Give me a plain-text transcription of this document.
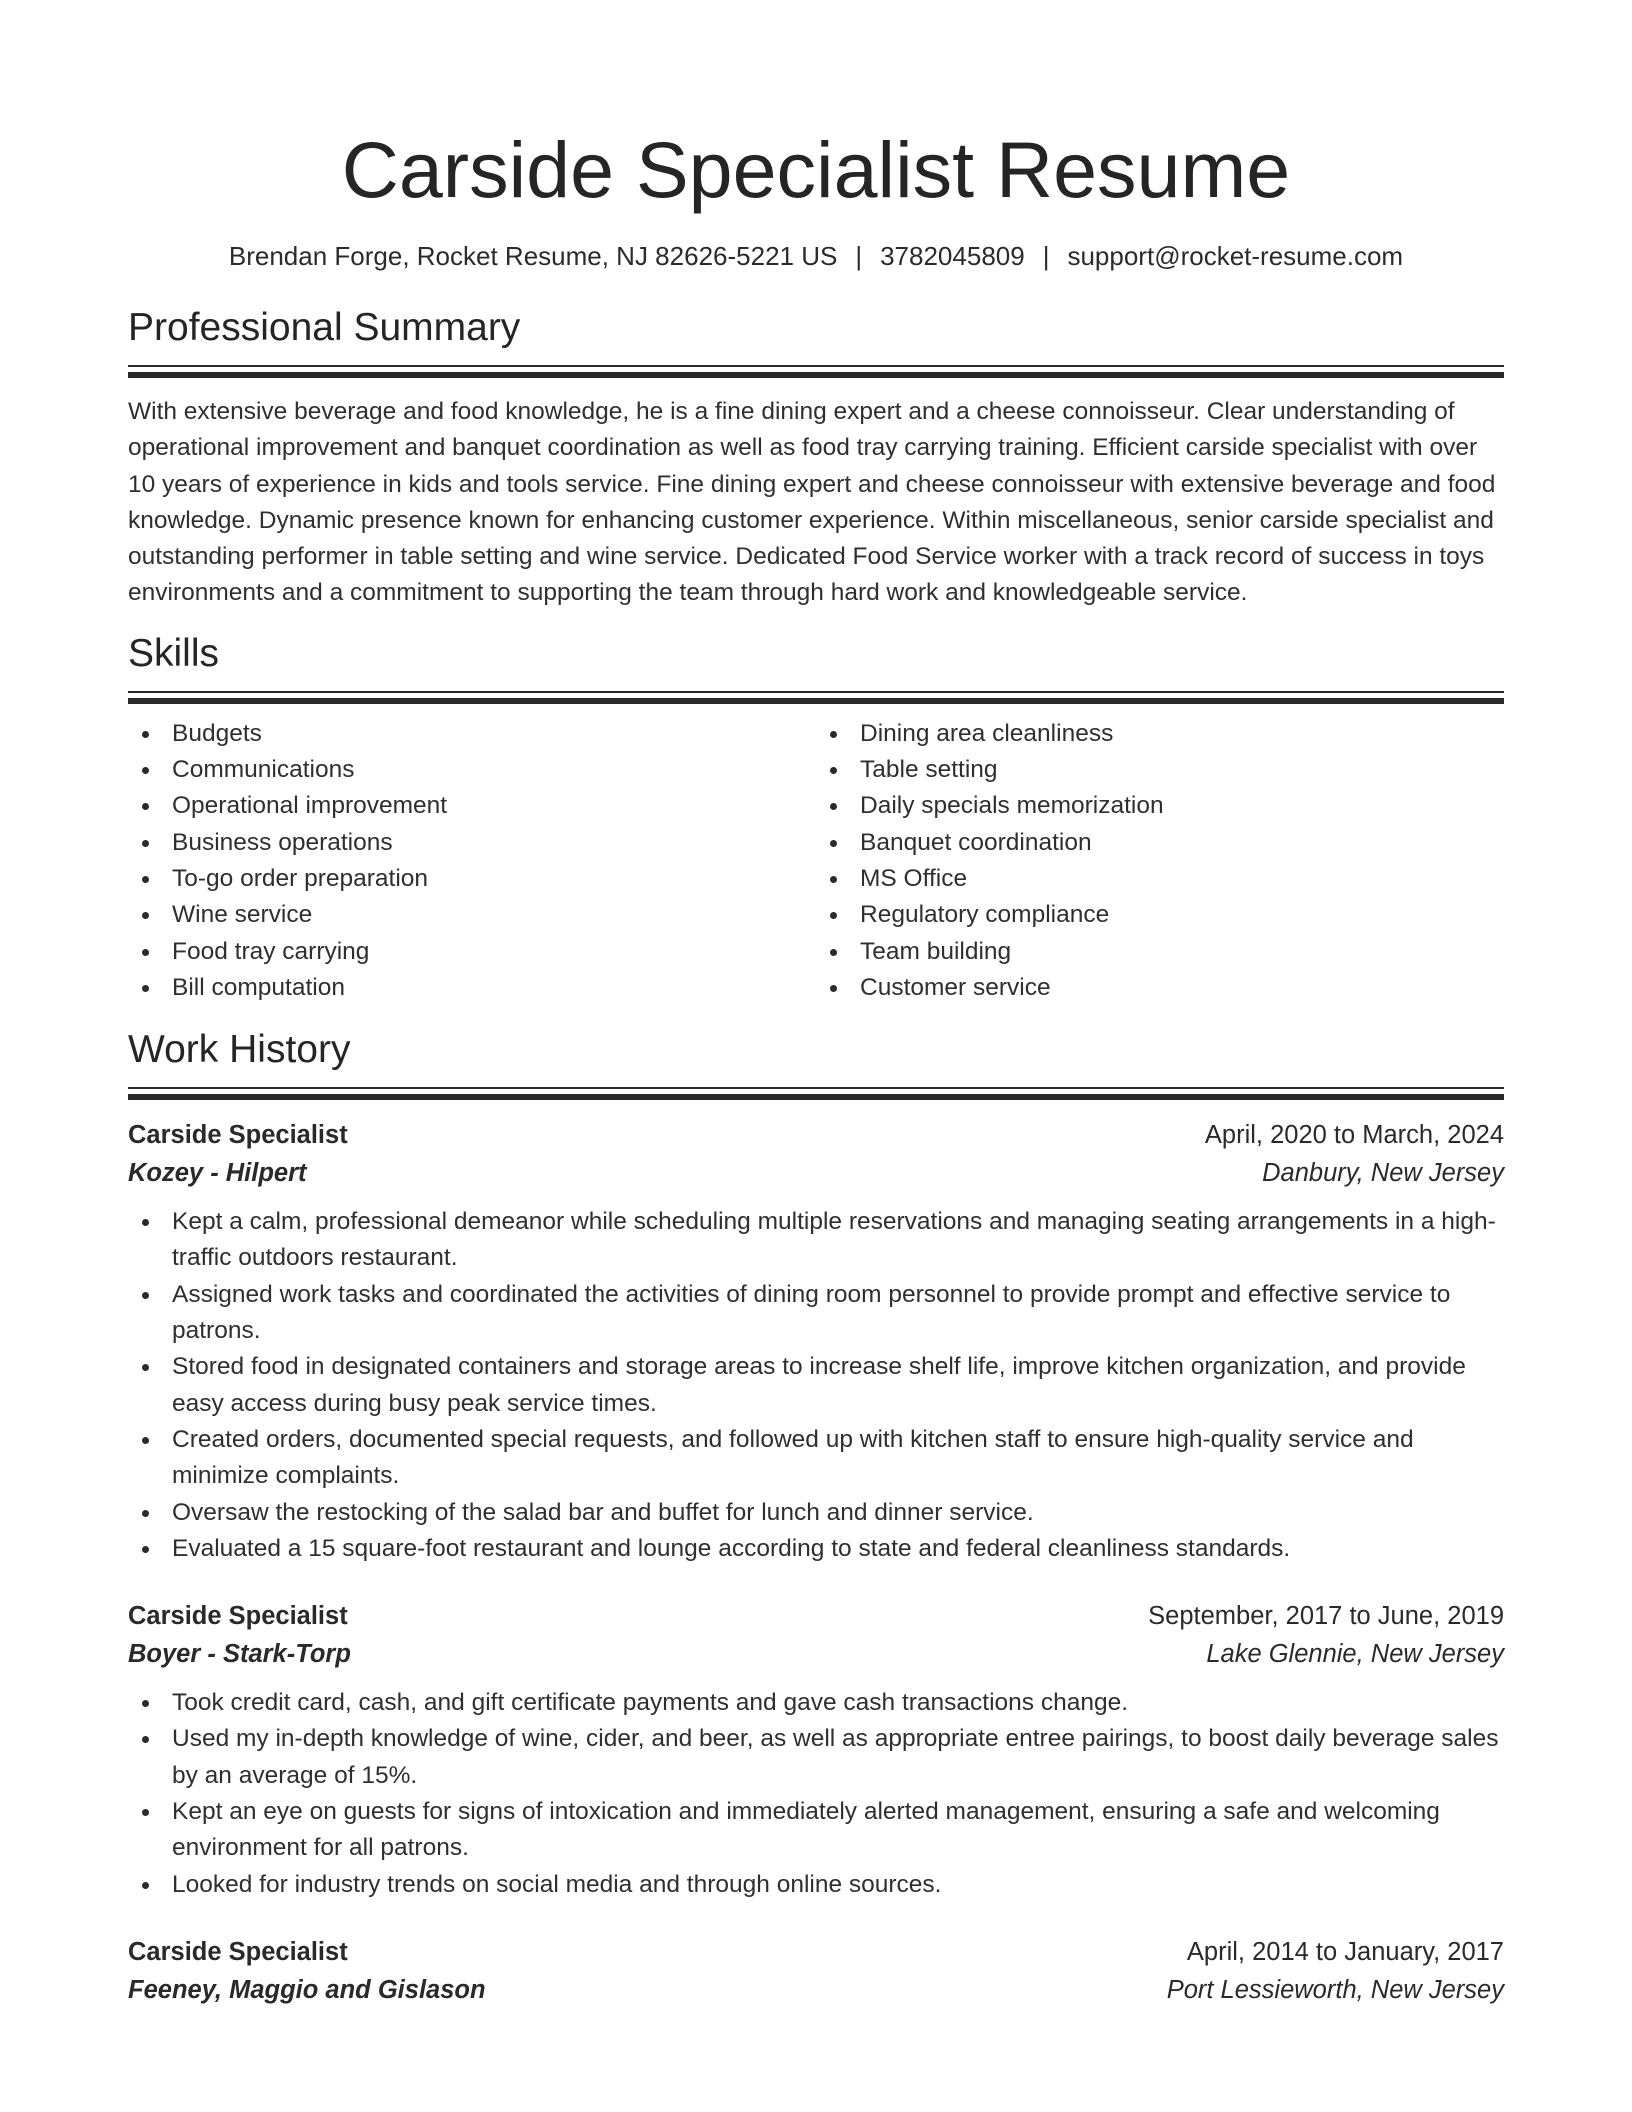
Carside Specialist Resume
Brendan Forge, Rocket Resume, NJ 82626-5221 US | 3782045809 | support@rocket-resume.com
Professional Summary
With extensive beverage and food knowledge, he is a fine dining expert and a cheese connoisseur. Clear understanding of operational improvement and banquet coordination as well as food tray carrying training. Efficient carside specialist with over 10 years of experience in kids and tools service. Fine dining expert and cheese connoisseur with extensive beverage and food knowledge. Dynamic presence known for enhancing customer experience. Within miscellaneous, senior carside specialist and outstanding performer in table setting and wine service. Dedicated Food Service worker with a track record of success in toys environments and a commitment to supporting the team through hard work and knowledgeable service.
Skills
Budgets
Communications
Operational improvement
Business operations
To-go order preparation
Wine service
Food tray carrying
Bill computation
Dining area cleanliness
Table setting
Daily specials memorization
Banquet coordination
MS Office
Regulatory compliance
Team building
Customer service
Work History
Carside Specialist	April, 2020 to March, 2024
Kozey - Hilpert	Danbury, New Jersey
Kept a calm, professional demeanor while scheduling multiple reservations and managing seating arrangements in a high-traffic outdoors restaurant.
Assigned work tasks and coordinated the activities of dining room personnel to provide prompt and effective service to patrons.
Stored food in designated containers and storage areas to increase shelf life, improve kitchen organization, and provide easy access during busy peak service times.
Created orders, documented special requests, and followed up with kitchen staff to ensure high-quality service and minimize complaints.
Oversaw the restocking of the salad bar and buffet for lunch and dinner service.
Evaluated a 15 square-foot restaurant and lounge according to state and federal cleanliness standards.
Carside Specialist	September, 2017 to June, 2019
Boyer - Stark-Torp	Lake Glennie, New Jersey
Took credit card, cash, and gift certificate payments and gave cash transactions change.
Used my in-depth knowledge of wine, cider, and beer, as well as appropriate entree pairings, to boost daily beverage sales by an average of 15%.
Kept an eye on guests for signs of intoxication and immediately alerted management, ensuring a safe and welcoming environment for all patrons.
Looked for industry trends on social media and through online sources.
Carside Specialist	April, 2014 to January, 2017
Feeney, Maggio and Gislason	Port Lessieworth, New Jersey
